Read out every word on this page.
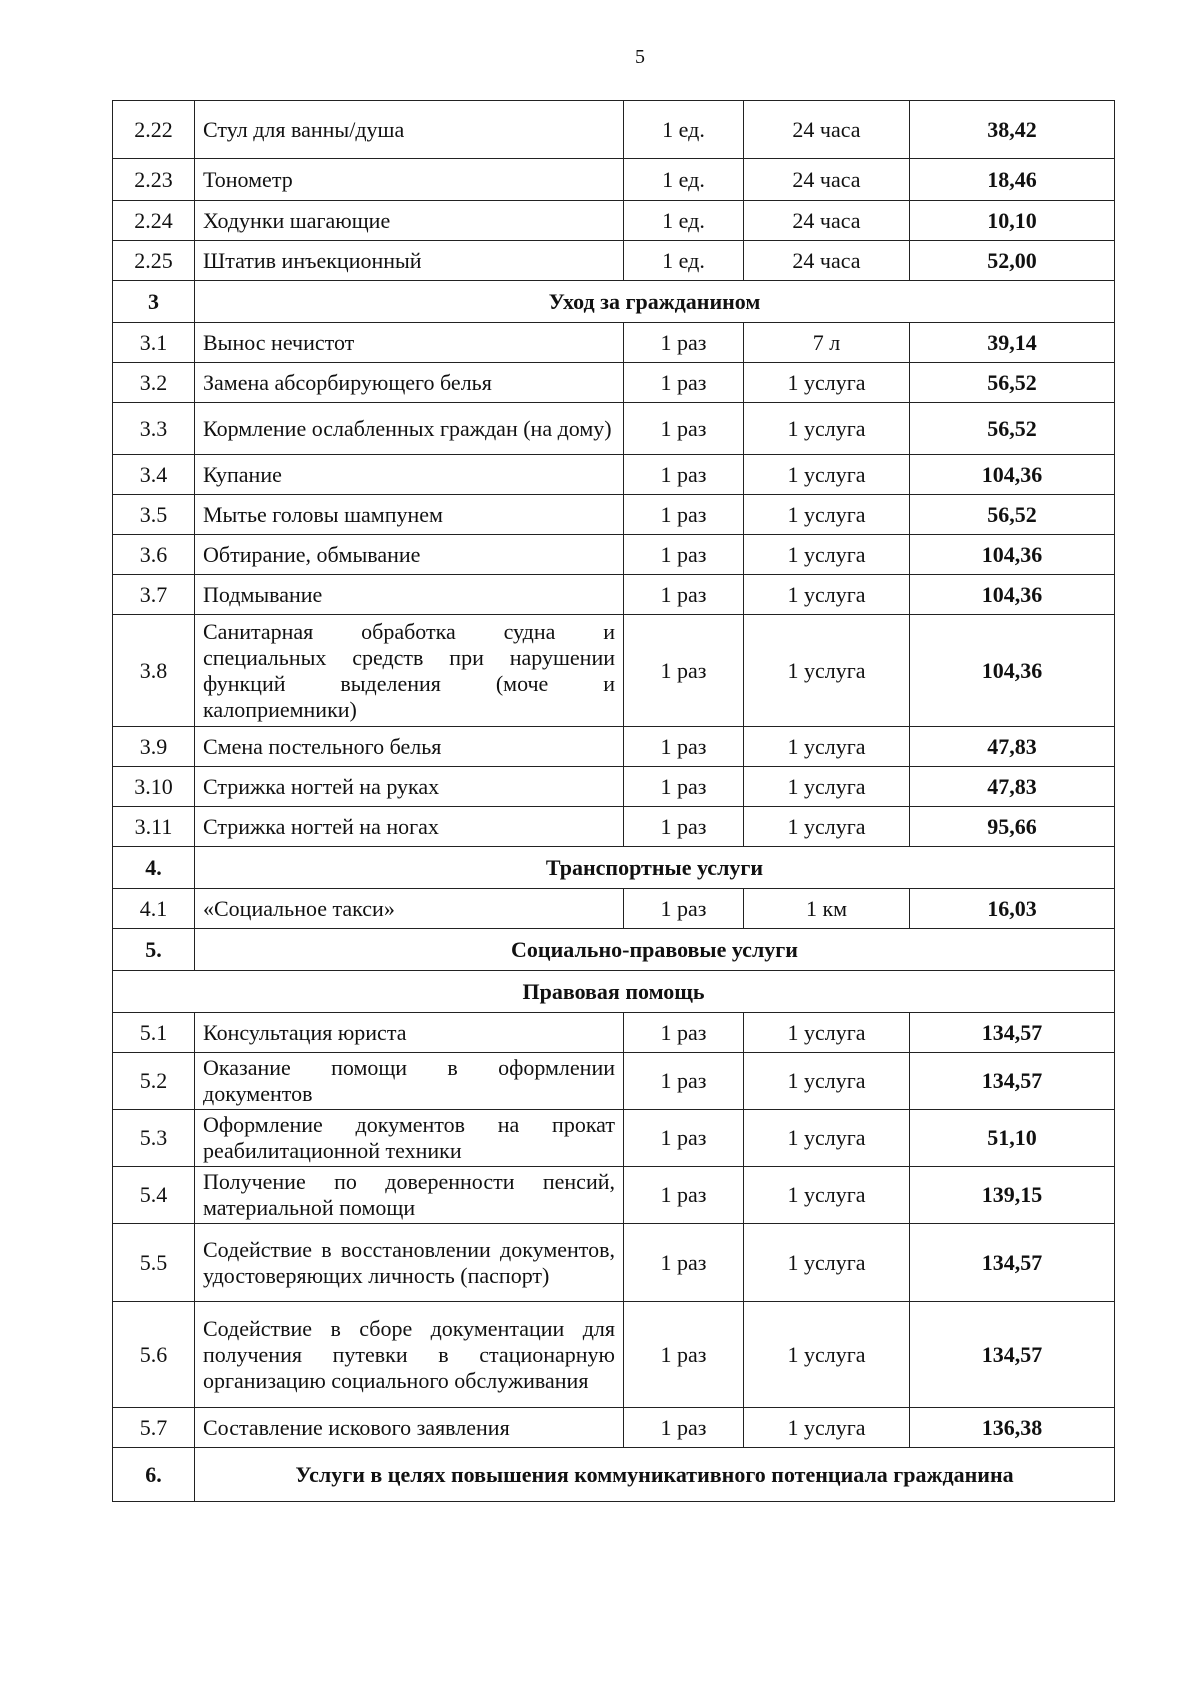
5
2.22	Стул для ванны/душа	1 ед.	24 часа	38,42
2.23	Тонометр	1 ед.	24 часа	18,46
2.24	Ходунки шагающие	1 ед.	24 часа	10,10
2.25	Штатив инъекционный	1 ед.	24 часа	52,00
3	Уход за гражданином			
3.1	Вынос нечистот	1 раз	7 л	39,14
3.2	Замена абсорбирующего белья	1 раз	1 услуга	56,52
3.3	Кормление ослабленных граждан (на дому)	1 раз	1 услуга	56,52
3.4	Купание	1 раз	1 услуга	104,36
3.5	Мытье головы шампунем	1 раз	1 услуга	56,52
3.6	Обтирание, обмывание	1 раз	1 услуга	104,36
3.7	Подмывание	1 раз	1 услуга	104,36
3.8	Санитарная обработка судна и специальных средств при нарушении функций выделения (моче и калоприемники)	1 раз	1 услуга	104,36
3.9	Смена постельного белья	1 раз	1 услуга	47,83
3.10	Стрижка ногтей на руках	1 раз	1 услуга	47,83
3.11	Стрижка ногтей на ногах	1 раз	1 услуга	95,66
4.	Транспортные услуги			
4.1	«Социальное такси»	1 раз	1 км	16,03
5.	Социально-правовые услуги			
Правовая помощь				
5.1	Консультация юриста	1 раз	1 услуга	134,57
5.2	Оказание помощи в оформлении документов	1 раз	1 услуга	134,57
5.3	Оформление документов на прокат реабилитационной техники	1 раз	1 услуга	51,10
5.4	Получение по доверенности пенсий, материальной помощи	1 раз	1 услуга	139,15
5.5	Содействие в восстановлении документов, удостоверяющих личность (паспорт)	1 раз	1 услуга	134,57
5.6	Содействие в сборе документации для получения путевки в стационарную организацию социального обслуживания	1 раз	1 услуга	134,57
5.7	Составление искового заявления	1 раз	1 услуга	136,38
6.	Услуги в целях повышения коммуникативного потенциала гражданина			
